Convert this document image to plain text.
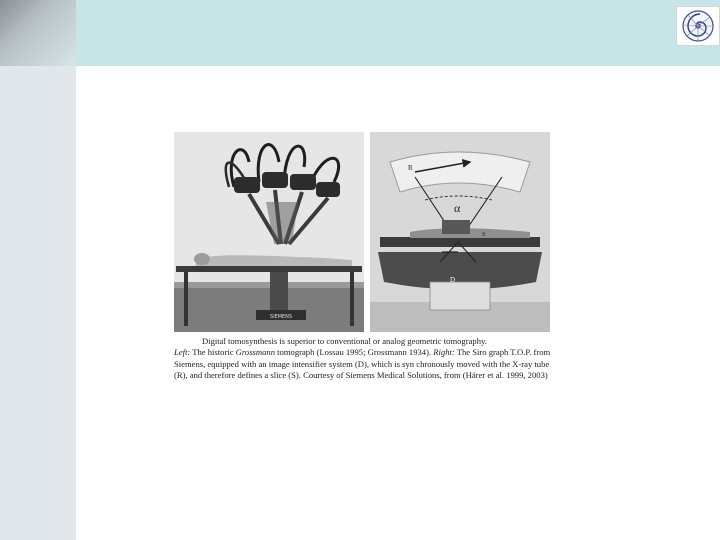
SIEMENS
R
α
S
D

Digital tomosynthesis is superior to conventional or analog geometric tomography.

Left: The historic Grossmann tomograph (Lossau 1995; Grossmann 1934). Right: The Siro graph T.O.P. from Siemens, equipped with an image intensifier system (D), which is syn chronously moved with the X-ray tube (R), and therefore defines a slice (S). Courtesy of Siemens Medical Solutions, from (Härer et al. 1999, 2003)
